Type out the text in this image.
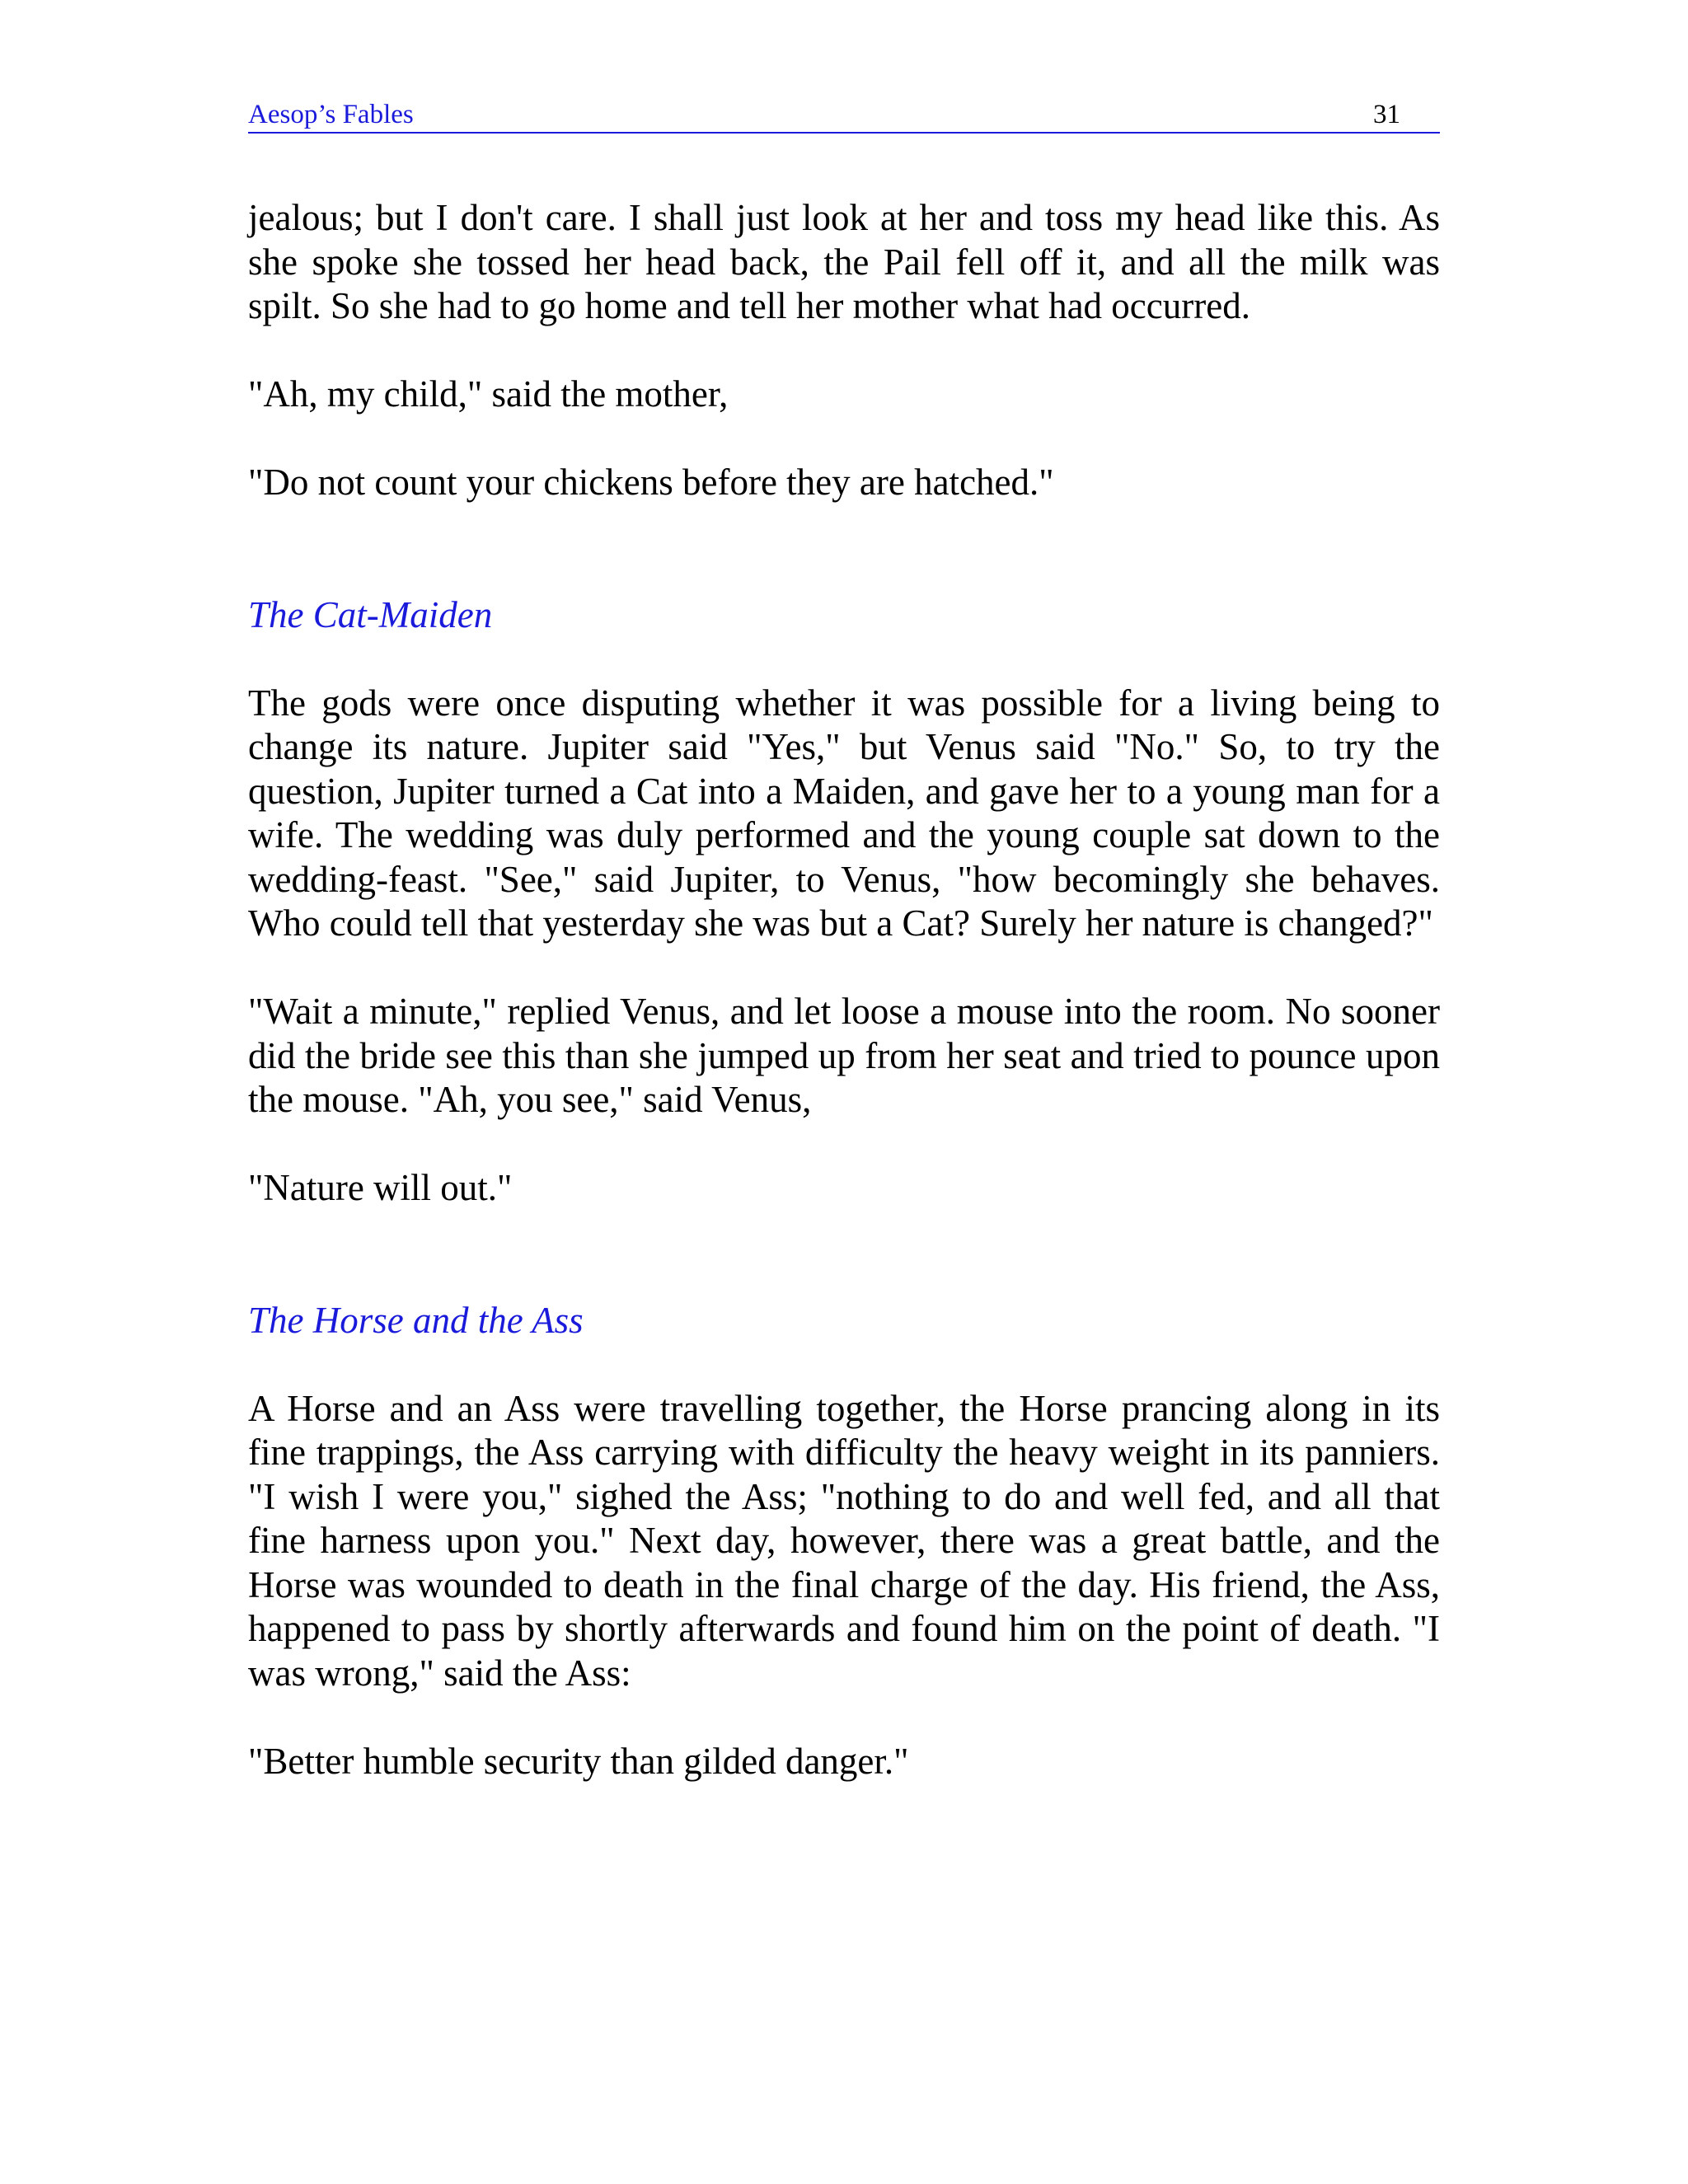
Aesop’s Fables	31

jealous; but I don't care. I shall just look at her and toss my head like this. As she spoke she tossed her head back, the Pail fell off it, and all the milk was spilt. So she had to go home and tell her mother what had occurred.

"Ah, my child," said the mother,

"Do not count your chickens before they are hatched."

The Cat-Maiden

The gods were once disputing whether it was possible for a living being to change its nature. Jupiter said "Yes," but Venus said "No." So, to try the question, Jupiter turned a Cat into a Maiden, and gave her to a young man for a wife. The wedding was duly performed and the young couple sat down to the wedding-feast. "See," said Jupiter, to Venus, "how becomingly she behaves. Who could tell that yesterday she was but a Cat? Surely her nature is changed?"

"Wait a minute," replied Venus, and let loose a mouse into the room. No sooner did the bride see this than she jumped up from her seat and tried to pounce upon the mouse. "Ah, you see," said Venus,

"Nature will out."

The Horse and the Ass

A Horse and an Ass were travelling together, the Horse prancing along in its fine trappings, the Ass carrying with difficulty the heavy weight in its panniers. "I wish I were you," sighed the Ass; "nothing to do and well fed, and all that fine harness upon you." Next day, however, there was a great battle, and the Horse was wounded to death in the final charge of the day. His friend, the Ass, happened to pass by shortly afterwards and found him on the point of death. "I was wrong," said the Ass:

"Better humble security than gilded danger."
